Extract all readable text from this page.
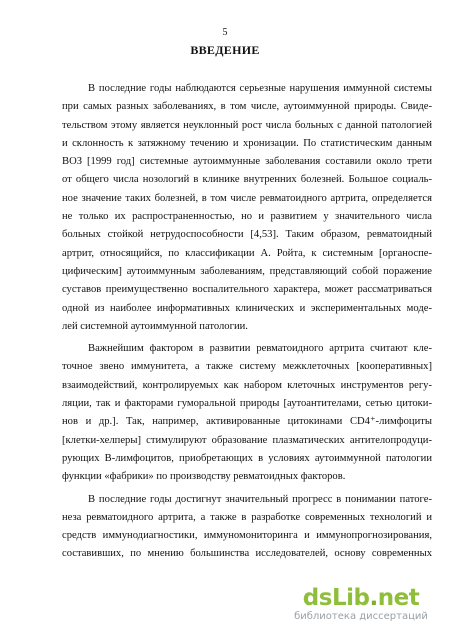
5
ВВЕДЕНИЕ
В последние годы наблюдаются серьезные нарушения иммунной системы
при самых разных заболеваниях, в том числе, аутоиммунной природы. Свиде-
тельством этому является неуклонный рост числа больных с данной патологией
и склонность к затяжному течению и хронизации. По статистическим данным
ВОЗ [1999 год] системные аутоиммунные заболевания составили около трети
от общего числа нозологий в клинике внутренних болезней. Большое социаль-
ное значение таких болезней, в том числе ревматоидного артрита, определяется
не только их распространенностью, но и развитием у значительного числа
больных стойкой нетрудоспособности [4,53]. Таким образом, ревматоидный
артрит, относящийся, по классификации А. Ройта, к системным [органоспе-
цифическим] аутоиммунным заболеваниям, представляющий собой поражение
суставов преимущественно воспалительного характера, может рассматриваться
одной из наиболее информативных клинических и экспериментальных моде-
лей системной аутоиммунной патологии.
Важнейшим фактором в развитии ревматоидного артрита считают кле-
точное звено иммунитета, а также систему межклеточных [кооперативных]
взаимодействий, контролируемых как набором клеточных инструментов регу-
ляции, так и факторами гуморальной природы [аутоантителами, сетью цитоки-
нов и др.]. Так, например, активированные цитокинами CD4⁺-лимфоциты
[клетки-хелперы] стимулируют образование плазматических антителопродуци-
рующих В-лимфоцитов, приобретающих в условиях аутоиммунной патологии
функции «фабрики» по производству ревматоидных факторов.
В последние годы достигнут значительный прогресс в понимании патоге-
неза ревматоидного артрита, а также в разработке современных технологий и
средств иммунодиагностики, иммуномониторинга и иммунопрогнозирования,
составивших, по мнению большинства исследователей, основу современных
dsLib.net
библиотека диссертаций
